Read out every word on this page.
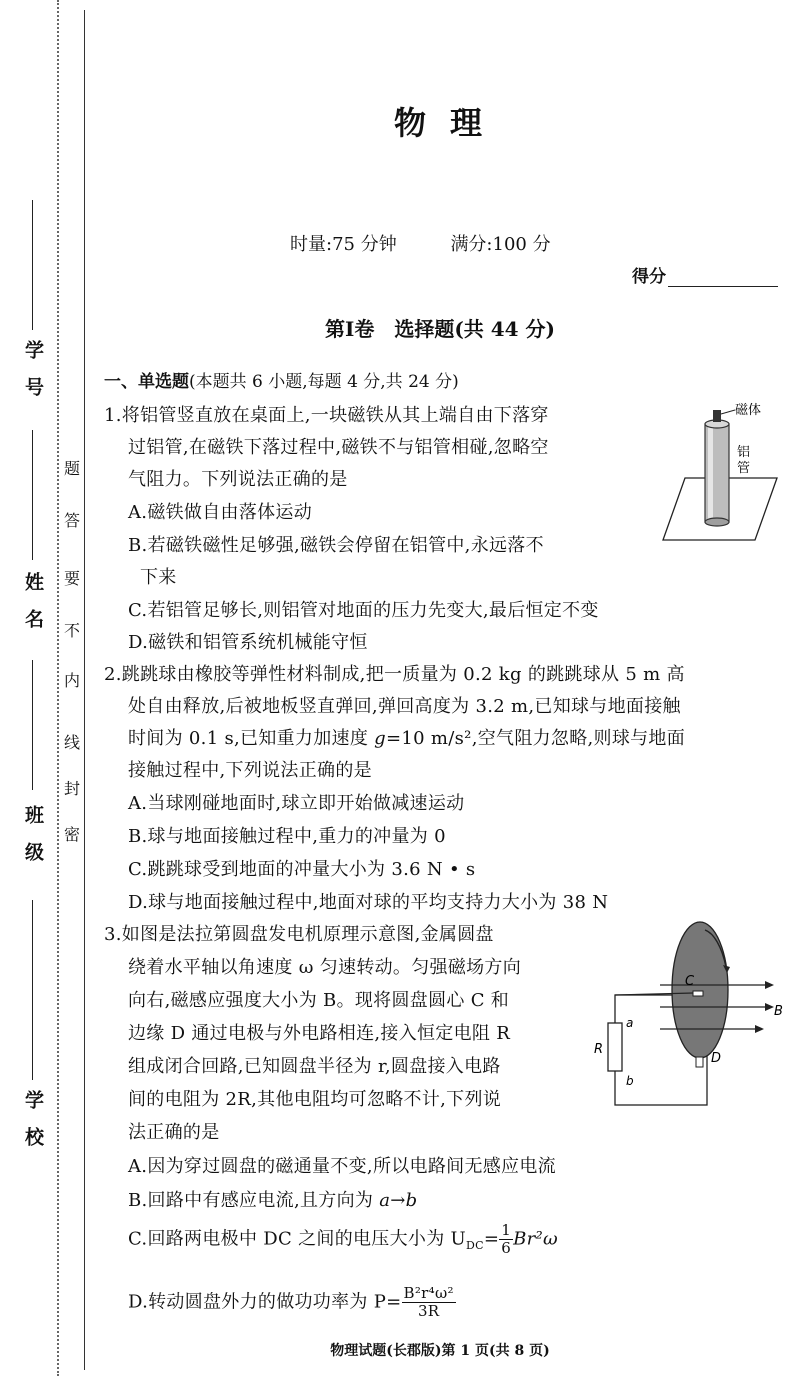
学号
姓名
班级
学校
密
封
线
内
不
要
答
题
物理
时量:75 分钟	满分:100 分
得分
第Ⅰ卷　选择题(共 44 分)
一、单选题(本题共 6 小题,每题 4 分,共 24 分)
1.将铝管竖直放在桌面上,一块磁铁从其上端自由下落穿
过铝管,在磁铁下落过程中,磁铁不与铝管相碰,忽略空
气阻力。下列说法正确的是
A.磁铁做自由落体运动
B.若磁铁磁性足够强,磁铁会停留在铝管中,永远落不
下来
C.若铝管足够长,则铝管对地面的压力先变大,最后恒定不变
D.磁铁和铝管系统机械能守恒
磁体
铝
管
2.跳跳球由橡胶等弹性材料制成,把一质量为 0.2 kg 的跳跳球从 5 m 高
处自由释放,后被地板竖直弹回,弹回高度为 3.2 m,已知球与地面接触
时间为 0.1 s,已知重力加速度 g=10 m/s²,空气阻力忽略,则球与地面
接触过程中,下列说法正确的是
A.当球刚碰地面时,球立即开始做减速运动
B.球与地面接触过程中,重力的冲量为 0
C.跳跳球受到地面的冲量大小为 3.6 N • s
D.球与地面接触过程中,地面对球的平均支持力大小为 38 N
3.如图是法拉第圆盘发电机原理示意图,金属圆盘
绕着水平轴以角速度 ω 匀速转动。匀强磁场方向
向右,磁感应强度大小为 B。现将圆盘圆心 C 和
边缘 D 通过电极与外电路相连,接入恒定电阻 R
组成闭合回路,已知圆盘半径为 r,圆盘接入电路
间的电阻为 2R,其他电阻均可忽略不计,下列说
法正确的是
A.因为穿过圆盘的磁通量不变,所以电路间无感应电流
B.回路中有感应电流,且方向为 a→b
C.回路两电极中 DC 之间的电压大小为 $U_{DC}= \frac{1}{6} Br^2\omega$
D.转动圆盘外力的做功功率为 $P= \frac{\text{B²r⁴ω²}}{3R}$
C
B
R
a
b
D
物理试题(长郡版)第 1 页(共 8 页)
